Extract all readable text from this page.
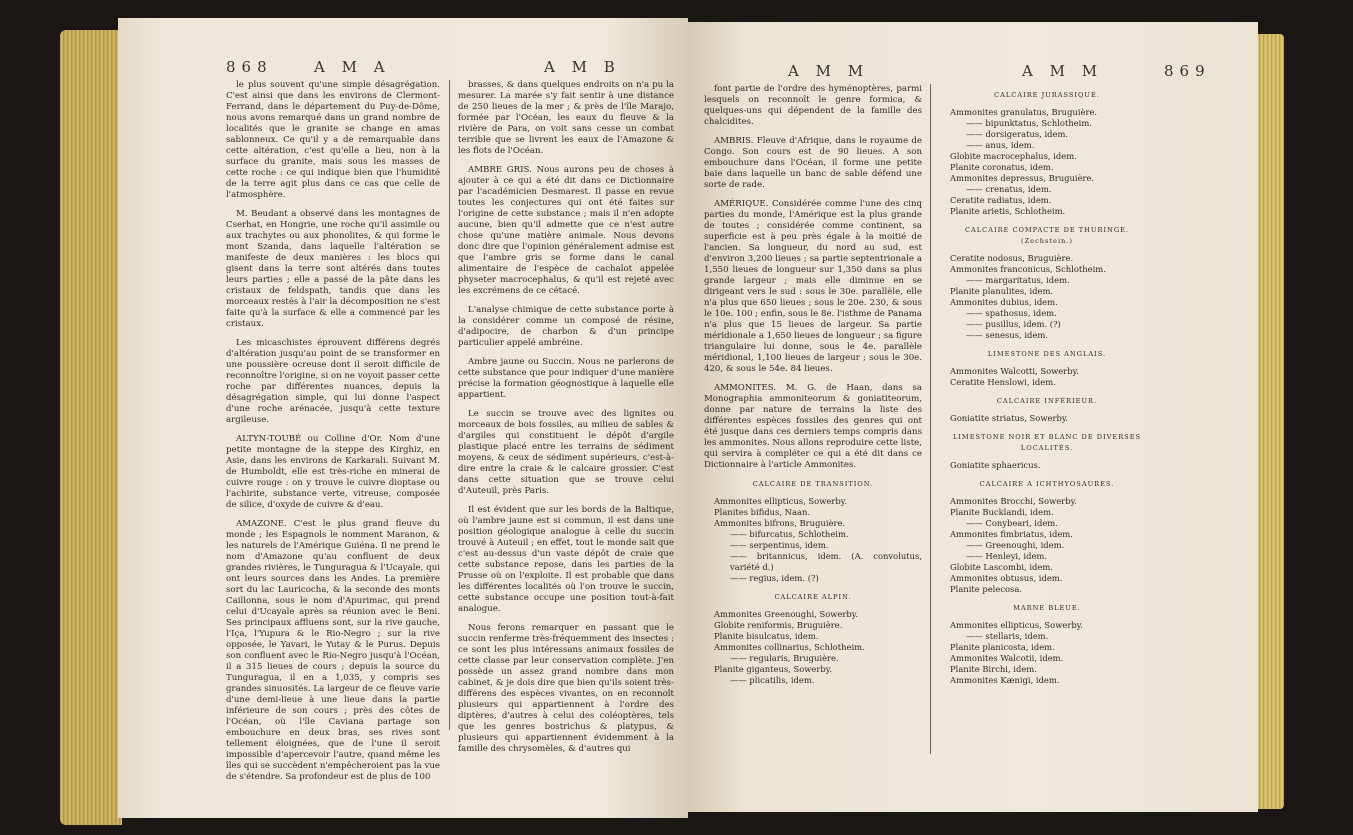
868	A M A	A M B

le plus souvent qu'une simple désagrégation. C'est ainsi que dans les environs de Clermont-Ferrand, dans le département du Puy-de-Dôme, nous avons remarqué dans un grand nombre de localités que le granite se change en amas sablonneux. Ce qu'il y a de remarquable dans cette altération, c'est qu'elle a lieu, non à la surface du granite, mais sous les masses de cette roche : ce qui indique bien que l'humidité de la terre agit plus dans ce cas que celle de l'atmosphère.

M. Beudant a observé dans les montagnes de Cserhat, en Hongrie, une roche qu'il assimile ou aux trachytes ou aux phonolites, & qui forme le mont Szanda, dans laquelle l'altération se manifeste de deux manières : les blocs qui gisent dans la terre sont altérés dans toutes leurs parties ; elle a passé de la pâte dans les cristaux de feldspath, tandis que dans les morceaux restés à l'air la décomposition ne s'est faite qu'à la surface & elle a commencé par les cristaux.

Les micaschistes éprouvent différens degrés d'altération jusqu'au point de se transformer en une poussière ocreuse dont il seroit difficile de reconnoître l'origine, si on ne voyoit passer cette roche par différentes nuances, depuis la désagrégation simple, qui lui donne l'aspect d'une roche arénacée, jusqu'à cette texture argileuse.

ALTYN-TOUBÉ ou Colline d'Or. Nom d'une petite montagne de la steppe des Kirghiz, en Asie, dans les environs de Karkarali. Suivant M. de Humboldt, elle est très-riche en minerai de cuivre rouge : on y trouve le cuivre dioptase ou l'achirite, substance verte, vitreuse, composée de silice, d'oxyde de cuivre & d'eau.

AMAZONE. C'est le plus grand fleuve du monde ; les Espagnols le nomment Maranon, & les naturels de l'Amérique Guiéna. Il ne prend le nom d'Amazone qu'au confluent de deux grandes rivières, le Tunguragua & l'Ucayale, qui ont leurs sources dans les Andes. La première sort du lac Lauricocha, & la seconde des monts Caillonna, sous le nom d'Apurimac, qui prend celui d'Ucayale après sa réunion avec le Beni. Ses principaux affluens sont, sur la rive gauche, l'Iça, l'Yupura & le Rio-Negro ; sur la rive opposée, le Yavari, le Yutay & le Purus. Depuis son confluent avec le Rio-Negro jusqu'à l'Océan, il a 315 lieues de cours ; depuis la source du Tunguragua, il en a 1,035, y compris ses grandes sinuosités. La largeur de ce fleuve varie d'une demi-lieue à une lieue dans la partie inférieure de son cours ; près des côtes de l'Océan, où l'île Caviana partage son embouchure en deux bras, ses rives sont tellement éloignées, que de l'une il seroit impossible d'apercevoir l'autre, quand même les îles qui se succèdent n'empêcheroient pas la vue de s'étendre. Sa profondeur est de plus de 100

brasses, & dans quelques endroits on n'a pu la mesurer. La marée s'y fait sentir à une distance de 250 lieues de la mer ; & près de l'île Marajo, formée par l'Océan, les eaux du fleuve & la rivière de Para, on voit sans cesse un combat terrible que se livrent les eaux de l'Amazone & les flots de l'Océan.

AMBRE GRIS. Nous aurons peu de choses à ajouter à ce qui a été dit dans ce Dictionnaire par l'académicien Desmarest. Il passe en revue toutes les conjectures qui ont été faites sur l'origine de cette substance ; mais il n'en adopte aucune, bien qu'il admette que ce n'est autre chose qu'une matière animale. Nous devons donc dire que l'opinion généralement admise est que l'ambre gris se forme dans le canal alimentaire de l'espèce de cachalot appelée physeter macrocephalus, & qu'il est rejeté avec les excrémens de ce cétacé.

L'analyse chimique de cette substance porte à la considérer comme un composé de résine, d'adipocire, de charbon & d'un principe particulier appelé ambréine.

Ambre jaune ou Succin. Nous ne parlerons de cette substance que pour indiquer d'une manière précise la formation géognostique à laquelle elle appartient.

Le succin se trouve avec des lignites ou morceaux de bois fossiles, au milieu de sables & d'argiles qui constituent le dépôt d'argile plastique placé entre les terrains de sédiment moyens, & ceux de sédiment supérieurs, c'est-à-dire entre la craie & le calcaire grossier. C'est dans cette situation que se trouve celui d'Auteuil, près Paris.

Il est évident que sur les bords de la Baltique, où l'ambre jaune est si commun, il est dans une position géologique analogue à celle du succin trouvé à Auteuil ; en effet, tout le monde sait que c'est au-dessus d'un vaste dépôt de craie que cette substance repose, dans les parties de la Prusse où on l'exploite. Il est probable que dans les différentes localités où l'on trouve le succin, cette substance occupe une position tout-à-fait analogue.

Nous ferons remarquer en passant que le succin renferme très-fréquemment des insectes : ce sont les plus intéressans animaux fossiles de cette classe par leur conservation complète. J'en possède un assez grand nombre dans mon cabinet, & je dois dire que bien qu'ils soient très-différens des espèces vivantes, on en reconnoît plusieurs qui appartiennent à l'ordre des diptères, d'autres à celui des coléoptères, tels que les genres bostrichus & platypus, & plusieurs qui appartiennent évidemment à la famille des chrysomèles, & d'autres qui

A M M	A M M	869

font partie de l'ordre des hyménoptères, parmi lesquels on reconnoît le genre formica, & quelques-uns qui dépendent de la famille des chalcidites.

AMBRIS. Fleuve d'Afrique, dans le royaume de Congo. Son cours est de 90 lieues. A son embouchure dans l'Océan, il forme une petite baie dans laquelle un banc de sable défend une sorte de rade.

AMÉRIQUE. Considérée comme l'une des cinq parties du monde, l'Amérique est la plus grande de toutes ; considérée comme continent, sa superficie est à peu près égale à la moitié de l'ancien. Sa longueur, du nord au sud, est d'environ 3,200 lieues ; sa partie septentrionale a 1,550 lieues de longueur sur 1,350 dans sa plus grande largeur ; mais elle diminue en se dirigeant vers le sud : sous le 30e. parallèle, elle n'a plus que 650 lieues ; sous le 20e. 230, & sous le 10e. 100 ; enfin, sous le 8e. l'isthme de Panama n'a plus que 15 lieues de largeur. Sa partie méridionale a 1,650 lieues de longueur ; sa figure triangulaire lui donne, sous le 4e. parallèle méridional, 1,100 lieues de largeur ; sous le 30e. 420, & sous le 54e. 84 lieues.

AMMONITES. M. G. de Haan, dans sa Monographia ammoniteorum & goniatiteorum, donne par nature de terrains la liste des différentes espèces fossiles des genres qui ont été jusque dans ces derniers temps compris dans les ammonites. Nous allons reproduire cette liste, qui servira à compléter ce qui a été dit dans ce Dictionnaire à l'article Ammonites.

CALCAIRE DE TRANSITION.
Ammonites ellipticus, Sowerby.
Planites bifidus, Naan.
Ammonites bifrons, Bruguière.
—— bifurcatus, Schlotheim.
—— serpentinus, idem.
—— britannicus, idem. (A. convolutus, variété d.)
—— regius, idem. (?)
CALCAIRE ALPIN.
Ammonites Greenoughi, Sowerby.
Globite reniformis, Bruguière.
Planite bisulcatus, idem.
Ammonites collinarius, Schlotheim.
—— regularis, Bruguière.
Planite giganteus, Sowerby.
—— plicatilis, idem.
CALCAIRE JURASSIQUE.
Ammonites granulatus, Bruguière.
—— bipunktatus, Schlotheim.
—— dorsigeratus, idem.
—— anus, idem.
Globite macrocephalus, idem.
Planite coronatus, idem.
Ammonites depressus, Bruguière.
—— crenatus, idem.
Ceratite radiatus, idem.
Planite arietis, Schlotheim.
CALCAIRE COMPACTE DE THURINGE. (Zechstein.)
Ceratite nodosus, Bruguière.
Ammonites franconicus, Schlotheim.
—— margaritatus, idem.
Planite planulites, idem.
Ammonites dubius, idem.
—— spathosus, idem.
—— pusillus, idem. (?)
—— senesus, idem.
LIMESTONE DES ANGLAIS.
Ammonites Walcotti, Sowerby.
Ceratite Henslowi, idem.
CALCAIRE INFÉRIEUR.
Goniatite striatus, Sowerby.
LIMESTONE NOIR ET BLANC DE DIVERSES LOCALITÉS.
Goniatite sphaericus.
CALCAIRE A ICHTHYOSAURES.
Ammonites Brocchi, Sowerby.
Planite Bucklandi, idem.
—— Conybeari, idem.
Ammonites fimbriatus, idem.
—— Greenoughi, idem.
—— Henleyi, idem.
Globite Lascombi, idem.
Ammonites obtusus, idem.
Planite pelecosa.
MARNE BLEUE.
Ammonites ellipticus, Sowerby.
—— stellaris, idem.
Planite planicosta, idem.
Ammonites Walcotii, idem.
Planite Birchi, idem.
Ammonites Kænigi, idem.
